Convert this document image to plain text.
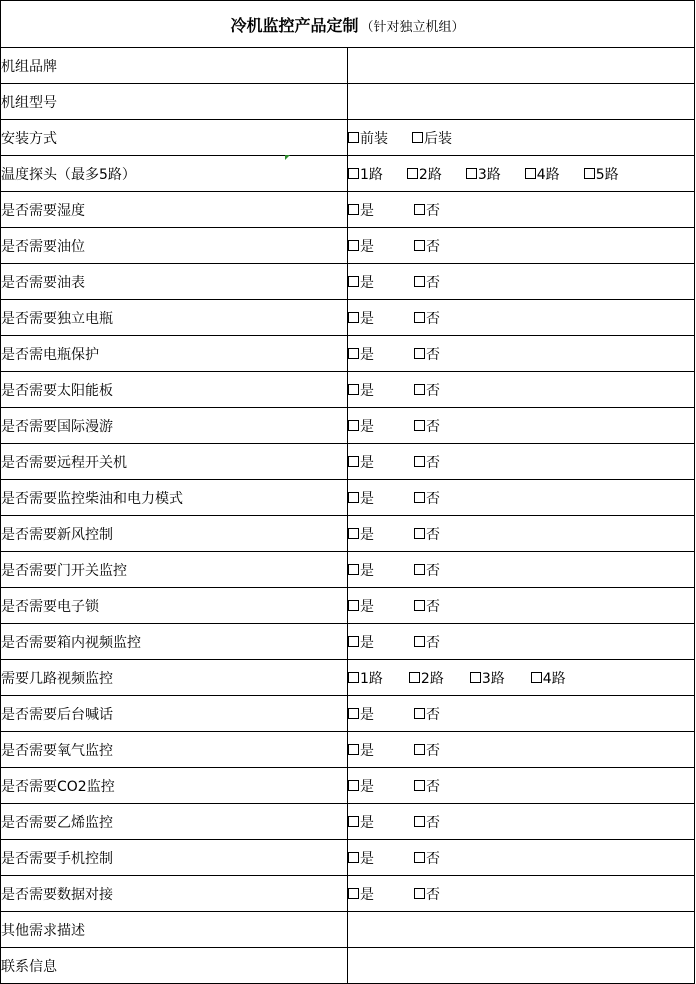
冷机监控产品定制 （针对独立机组）	
机组品牌	
机组型号	
安装方式	前装 后装

温度探头（最多5路）	1路 2路 3路 4路 5路

是否需要湿度	是 否

是否需要油位	是 否

是否需要油表	是 否

是否需要独立电瓶	是 否

是否需电瓶保护	是 否

是否需要太阳能板	是 否

是否需要国际漫游	是 否

是否需要远程开关机	是 否

是否需要监控柴油和电力模式	是 否

是否需要新风控制	是 否

是否需要门开关监控	是 否

是否需要电子锁	是 否

是否需要箱内视频监控	是 否

需要几路视频监控	1路 2路 3路 4路

是否需要后台喊话	是 否

是否需要氧气监控	是 否

是否需要CO2监控	是 否

是否需要乙烯监控	是 否

是否需要手机控制	是 否

是否需要数据对接	是 否

其他需求描述	
联系信息	
